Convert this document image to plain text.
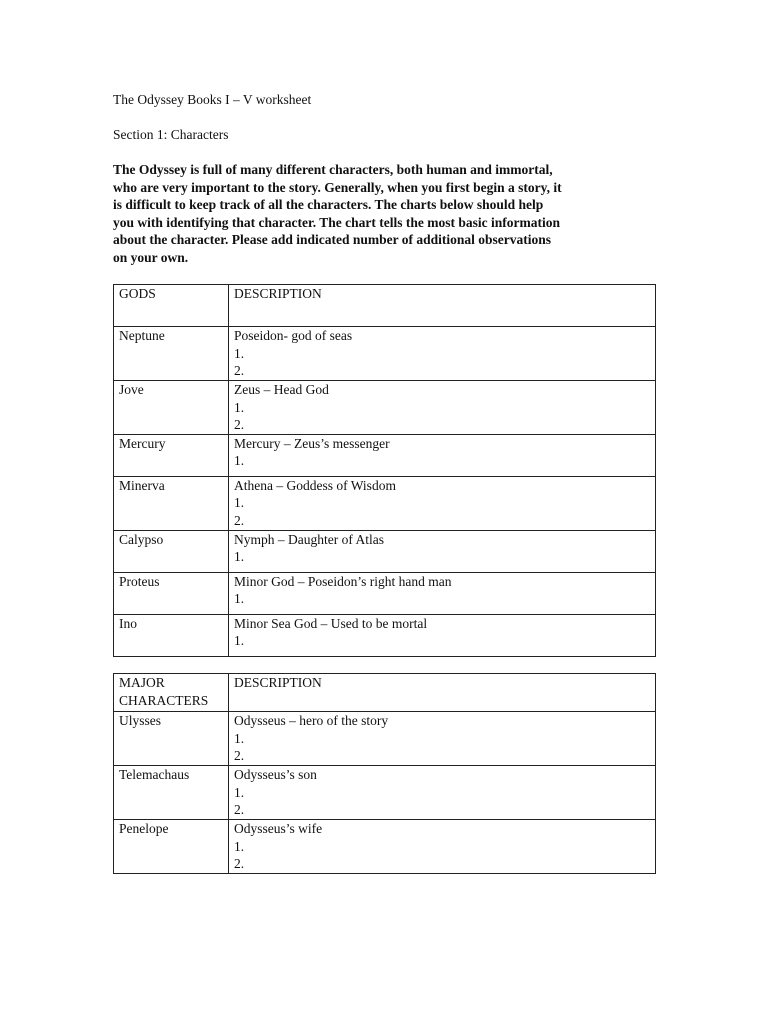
The Odyssey Books I – V worksheet
Section 1: Characters
The Odyssey is full of many different characters, both human and immortal,
who are very important to the story. Generally, when you first begin a story, it
is difficult to keep track of all the characters. The charts below should help
you with identifying that character. The chart tells the most basic information
about the character. Please add indicated number of additional observations
on your own.
GODS	DESCRIPTION

Neptune	Poseidon- god of seas
1.
2.

Jove	Zeus – Head God
1.
2.

Mercury	Mercury – Zeus’s messenger
1.

Minerva	Athena – Goddess of Wisdom
1.
2.

Calypso	Nymph – Daughter of Atlas
1.

Proteus	Minor God – Poseidon’s right hand man
1.

Ino	Minor Sea God – Used to be mortal
1.
MAJOR
CHARACTERS	DESCRIPTION

Ulysses	Odysseus – hero of the story
1.
2.

Telemachaus	Odysseus’s son
1.
2.

Penelope	Odysseus’s wife
1.
2.
